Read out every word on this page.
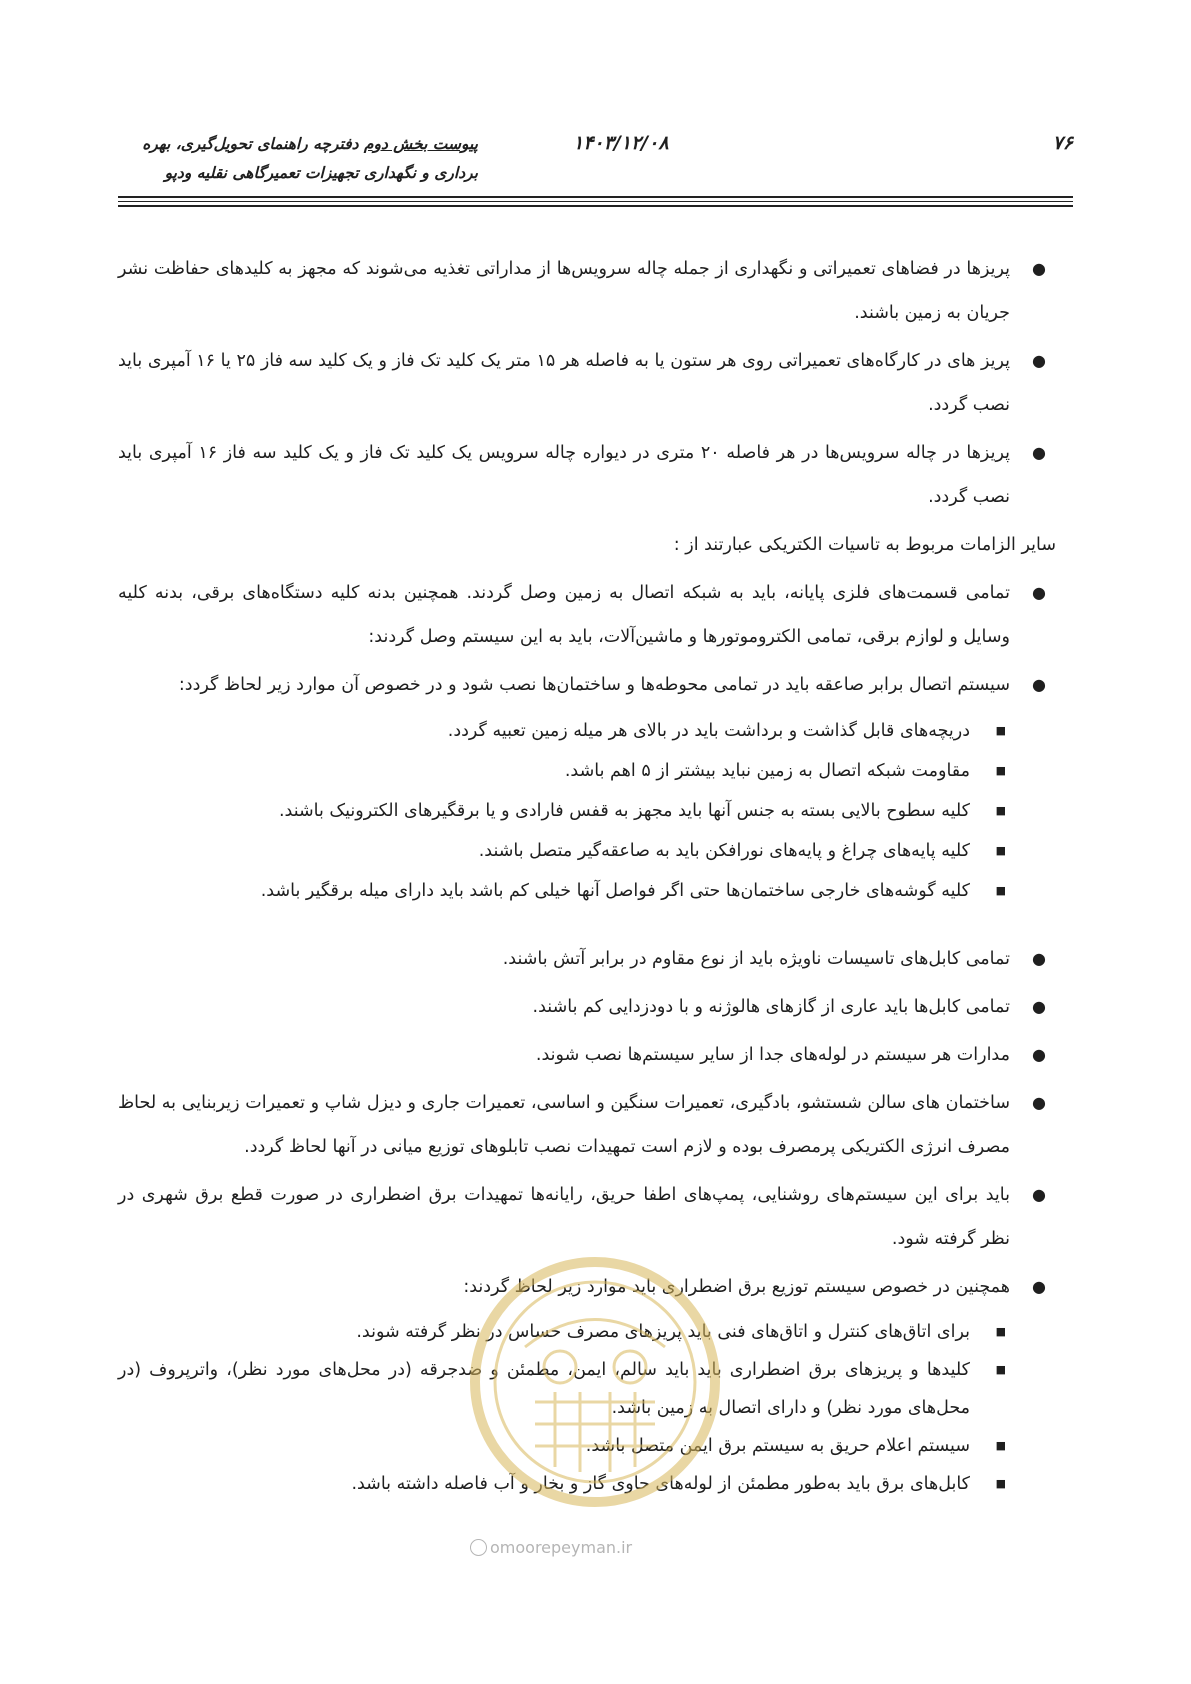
۷۶
۱۴۰۳/۱۲/۰۸
پیوست بخش دوم دفترچه راهنمای تحویل‌گیری، بهره
برداری و نگهداری تجهیزات تعمیرگاهی نقلیه ودپو
●
پریزها در فضاهای تعمیراتی و نگهداری از جمله چاله سرویس‌ها از مداراتی تغذیه می‌شوند که مجهز به کلیدهای حفاظت نشر جریان به زمین باشند.
●
پریز های در کارگاه‌های تعمیراتی روی هر ستون یا به فاصله هر ۱۵ متر یک کلید تک فاز و یک کلید سه فاز ۲۵ یا ۱۶ آمپری باید نصب گردد.
●
پریزها در چاله سرویس‌ها در هر فاصله ۲۰ متری در دیواره چاله سرویس یک کلید تک فاز و یک کلید سه فاز ۱۶ آمپری باید نصب گردد.
سایر الزامات مربوط به تاسیات الکتریکی عبارتند از :
●
تمامی قسمت‌های فلزی پایانه، باید به شبکه اتصال به زمین وصل گردند. همچنین بدنه کلیه دستگاه‌های برقی، بدنه کلیه وسایل و لوازم برقی، تمامی الکتروموتورها و ماشین‌آلات، باید به این سیستم وصل گردند:
●
سیستم اتصال برابر صاعقه باید در تمامی محوطه‌ها و ساختمان‌ها نصب شود و در خصوص آن موارد زیر لحاظ گردد:
■
دریچه‌های قابل گذاشت و برداشت باید در بالای هر میله زمین تعبیه گردد.
■
مقاومت شبکه اتصال به زمین نباید بیشتر از ۵ اهم باشد.
■
کلیه سطوح بالایی بسته به جنس آنها باید مجهز به قفس فارادی و یا برقگیرهای الکترونیک باشند.
■
کلیه پایه‌های چراغ و پایه‌های نورافکن باید به صاعقه‌گیر متصل باشند.
■
کلیه گوشه‌های خارجی ساختمان‌ها حتی اگر فواصل آنها خیلی کم باشد باید دارای میله برقگیر باشد.
●
تمامی کابل‌های تاسیسات ناویژه باید از نوع مقاوم در برابر آتش باشند.
●
تمامی کابل‌ها باید عاری از گازهای هالوژنه و با دودزدایی کم باشند.
●
مدارات هر سیستم در لوله‌های جدا از سایر سیستم‌ها نصب شوند.
●
ساختمان های سالن شستشو، بادگیری، تعمیرات سنگین و اساسی، تعمیرات جاری و دیزل شاپ و تعمیرات زیربنایی به لحاظ مصرف انرژی الکتریکی پرمصرف بوده و لازم است تمهیدات نصب تابلوهای توزیع میانی در آنها لحاظ گردد.
●
باید برای این سیستم‌های روشنایی، پمپ‌های اطفا حریق، رایانه‌ها تمهیدات برق اضطراری در صورت قطع برق شهری در نظر گرفته شود.
●
همچنین در خصوص سیستم توزیع برق اضطراری باید موارد زیر لحاظ گردند:
■
برای اتاق‌های کنترل و اتاق‌های فنی باید پریزهای مصرف حساس در نظر گرفته شوند.
■
کلیدها و پریزهای برق اضطراری باید باید سالم، ایمن، مطمئن و ضدجرقه (در محل‌های مورد نظر)، واترپروف (در محل‌های مورد نظر) و دارای اتصال به زمین باشد.
■
سیستم اعلام حریق به سیستم برق ایمن متصل باشد.
■
کابل‌های برق باید به‌طور مطمئن از لوله‌های حاوی گاز و بخار و آب فاصله داشته باشد.
omoorepeyman.ir
